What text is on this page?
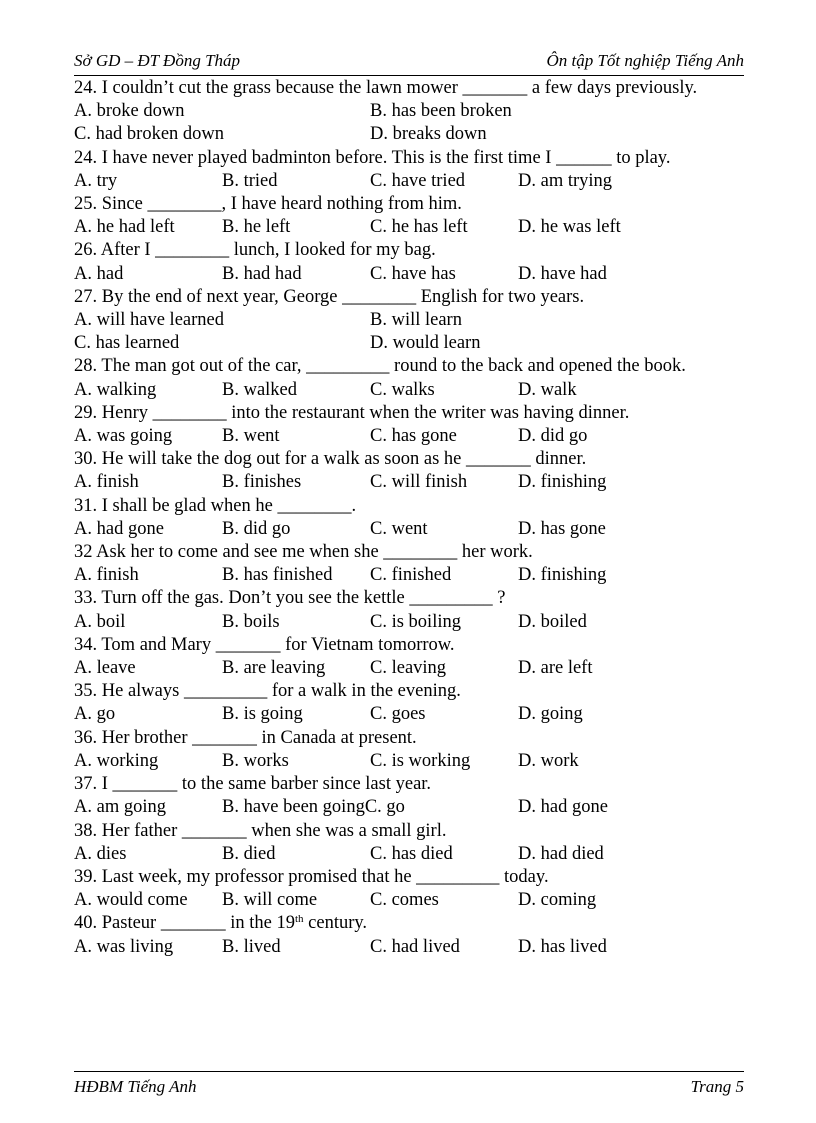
Sở GD – ĐT Đồng Tháp	Ôn tập Tốt nghiệp Tiếng Anh
24. I couldn’t cut the grass because the lawn mower _______ a few days previously.
A. broke down	B. has been broken
C. had broken down	D. breaks down
24. I have never played badminton before. This is the first time I ______ to play.
A. try	B. tried	C. have tried	D. am trying
25. Since ________, I have heard nothing from him.
A. he had left	B. he left	C. he has left	D. he was left
26. After I ________ lunch, I looked for my bag.
A. had	B. had had	C. have has	D. have had
27. By the end of next year, George ________ English for two years.
A. will have learned	B. will learn
C. has learned	D. would learn
28. The man got out of the car, _________ round to the back and opened the book.
A. walking	B. walked	C. walks	D. walk
29. Henry ________ into the restaurant when the writer was having dinner.
A. was going	B. went	C. has gone	D. did go
30. He will take the dog out for a walk as soon as he _______ dinner.
A. finish	B. finishes	C. will finish	D. finishing
31. I shall be glad when he ________.
A. had gone	B. did go	C. went	D. has gone
32 Ask her to come and see me when she ________ her work.
A. finish	B. has finished C. finished	D. finishing
33. Turn off the gas. Don’t you see the kettle _________ ?
A. boil	B. boils	C. is boiling	D. boiled
34. Tom and Mary _______ for Vietnam tomorrow.
A. leave	B. are leaving C. leaving	D. are left
35. He always _________ for a walk in the evening.
A. go	B. is going	C. goes	D. going
36. Her brother _______ in Canada at present.
A. working	B. works	C. is working	D. work
37. I _______ to the same barber since last year.
A. am going	B. have been goingC. go	D. had gone
38. Her father _______ when she was a small girl.
A. dies	B. died	C. has died	D. had died
39. Last week, my professor promised that he _________ today.
A. would come B. will come	C. comes	D. coming
40. Pasteur _______ in the 19th century.
A. was living	B. lived	C. had lived	D. has lived
HĐBM Tiếng Anh	Trang 5
